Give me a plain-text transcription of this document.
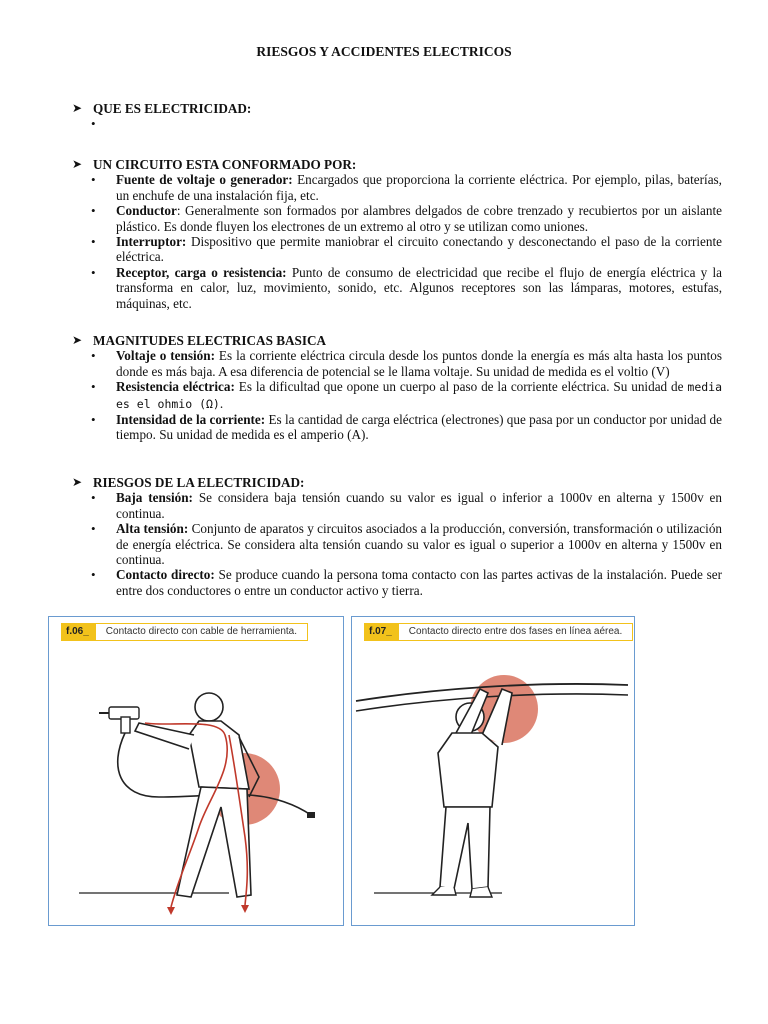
RIESGOS Y ACCIDENTES ELECTRICOS
➤ QUE ES ELECTRICIDAD:
•
➤ UN CIRCUITO ESTA CONFORMADO POR:
• Fuente de voltaje o generador: Encargados que proporciona la corriente eléctrica. Por ejemplo, pilas, baterías, un enchufe de una instalación fija, etc.
• Conductor: Generalmente son formados por alambres delgados de cobre trenzado y recubiertos por un aislante plástico. Es donde fluyen los electrones de un extremo al otro y se utilizan como uniones.
• Interruptor: Dispositivo que permite maniobrar el circuito conectando y desconectando el paso de la corriente eléctrica.
• Receptor, carga o resistencia: Punto de consumo de electricidad que recibe el flujo de energía eléctrica y la transforma en calor, luz, movimiento, sonido, etc. Algunos receptores son las lámparas, motores, estufas, máquinas, etc.
➤ MAGNITUDES ELECTRICAS BASICA
• Voltaje o tensión: Es la corriente eléctrica circula desde los puntos donde la energía es más alta hasta los puntos donde es más baja. A esa diferencia de potencial se le llama voltaje. Su unidad de medida es el voltio (V)
• Resistencia eléctrica: Es la dificultad que opone un cuerpo al paso de la corriente eléctrica. Su unidad de media es el ohmio (Ω).
• Intensidad de la corriente: Es la cantidad de carga eléctrica (electrones) que pasa por un conductor por unidad de tiempo. Su unidad de medida es el amperio (A).
➤ RIESGOS DE LA ELECTRICIDAD:
• Baja tensión: Se considera baja tensión cuando su valor es igual o inferior a 1000v en alterna y 1500v en continua.
• Alta tensión: Conjunto de aparatos y circuitos asociados a la producción, conversión, transformación o utilización de energía eléctrica. Se considera alta tensión cuando su valor es igual o superior a 1000v en alterna y 1500v en continua.
• Contacto directo: Se produce cuando la persona toma contacto con las partes activas de la instalación. Puede ser entre dos conductores o entre un conductor activo y tierra.
f.06_	Contacto directo con cable de herramienta.	f.07_	Contacto directo entre dos fases en línea aérea.
